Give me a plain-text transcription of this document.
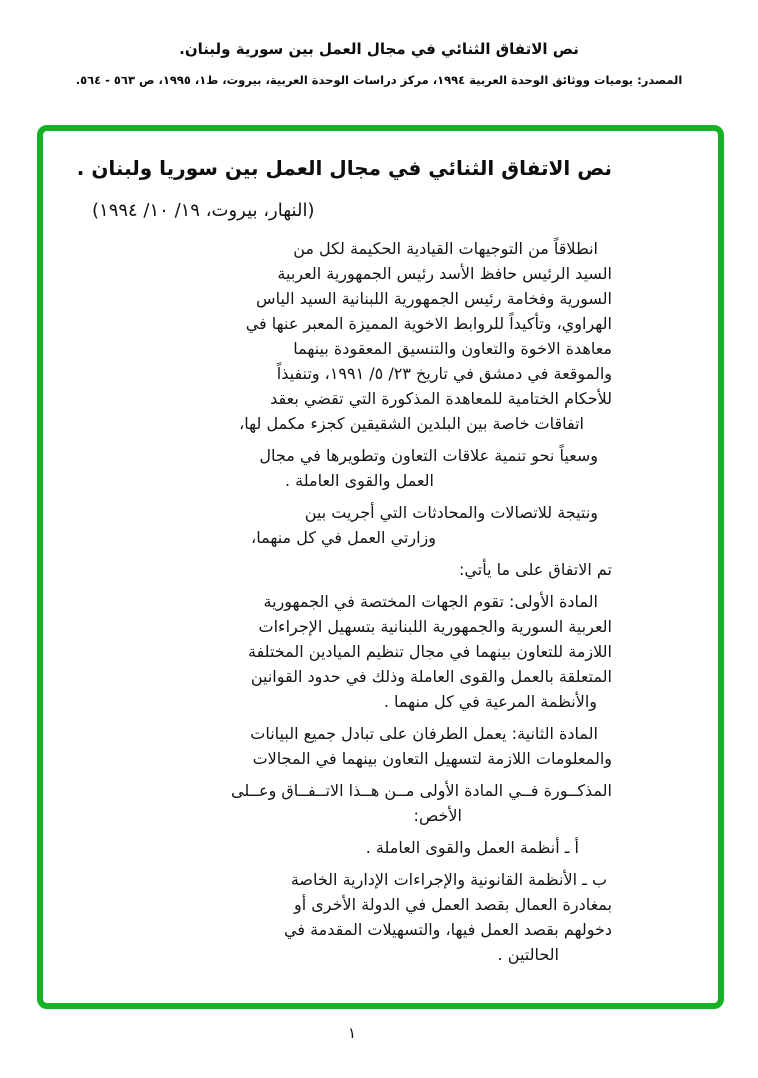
نص الاتفاق الثنائي في مجال العمل بين سورية ولبنان.
المصدر: يوميات ووثائق الوحدة العربية ١٩٩٤، مركز دراسات الوحدة العربية، بيروت، ط١، ١٩٩٥، ص ٥٦٣ - ٥٦٤.
نص الاتفاق الثنائي في مجال العمل بين سوريا ولبنان .
(النهار، بيروت، ١٩/ ١٠/ ١٩٩٤)
انطلاقاً من التوجيهات القيادية الحكيمة لكل من
السيد الرئيس حافظ الأسد رئيس الجمهورية العربية
السورية وفخامة رئيس الجمهورية اللبنانية السيد الياس
الهراوي، وتأكيداً للروابط الاخوية المميزة المعبر عنها في
معاهدة الاخوة والتعاون والتنسيق المعقودة بينهما
والموقعة في دمشق في تاريخ ٢٣/ ٥/ ١٩٩١، وتنفيذاً
للأحكام الختامية للمعاهدة المذكورة التي تقضي بعقد
اتفاقات خاصة بين البلدين الشقيقين كجزء مكمل لها،
وسعياً نحو تنمية علاقات التعاون وتطويرها في مجال
العمل والقوى العاملة .
ونتيجة للاتصالات والمحادثات التي أجريت بين
وزارتي العمل في كل منهما،
تم الاتفاق على ما يأتي:
المادة الأولى: تقوم الجهات المختصة في الجمهورية
العربية السورية والجمهورية اللبنانية بتسهيل الإجراءات
اللازمة للتعاون بينهما في مجال تنظيم الميادين المختلفة
المتعلقة بالعمل والقوى العاملة وذلك في حدود القوانين
والأنظمة المرعية في كل منهما .
المادة الثانية: يعمل الطرفان على تبادل جميع البيانات
والمعلومات اللازمة لتسهيل التعاون بينهما في المجالات
المذكــورة فــي المادة الأولى مــن هــذا الاتــفــاق وعــلى
الأخص:
أ ـ أنظمة العمل والقوى العاملة .
ب ـ الأنظمة القانونية والإجراءات الإدارية الخاصة
بمغادرة العمال بقصد العمل في الدولة الأخرى أو
دخولهم بقصد العمل فيها، والتسهيلات المقدمة في
الحالتين .
١
